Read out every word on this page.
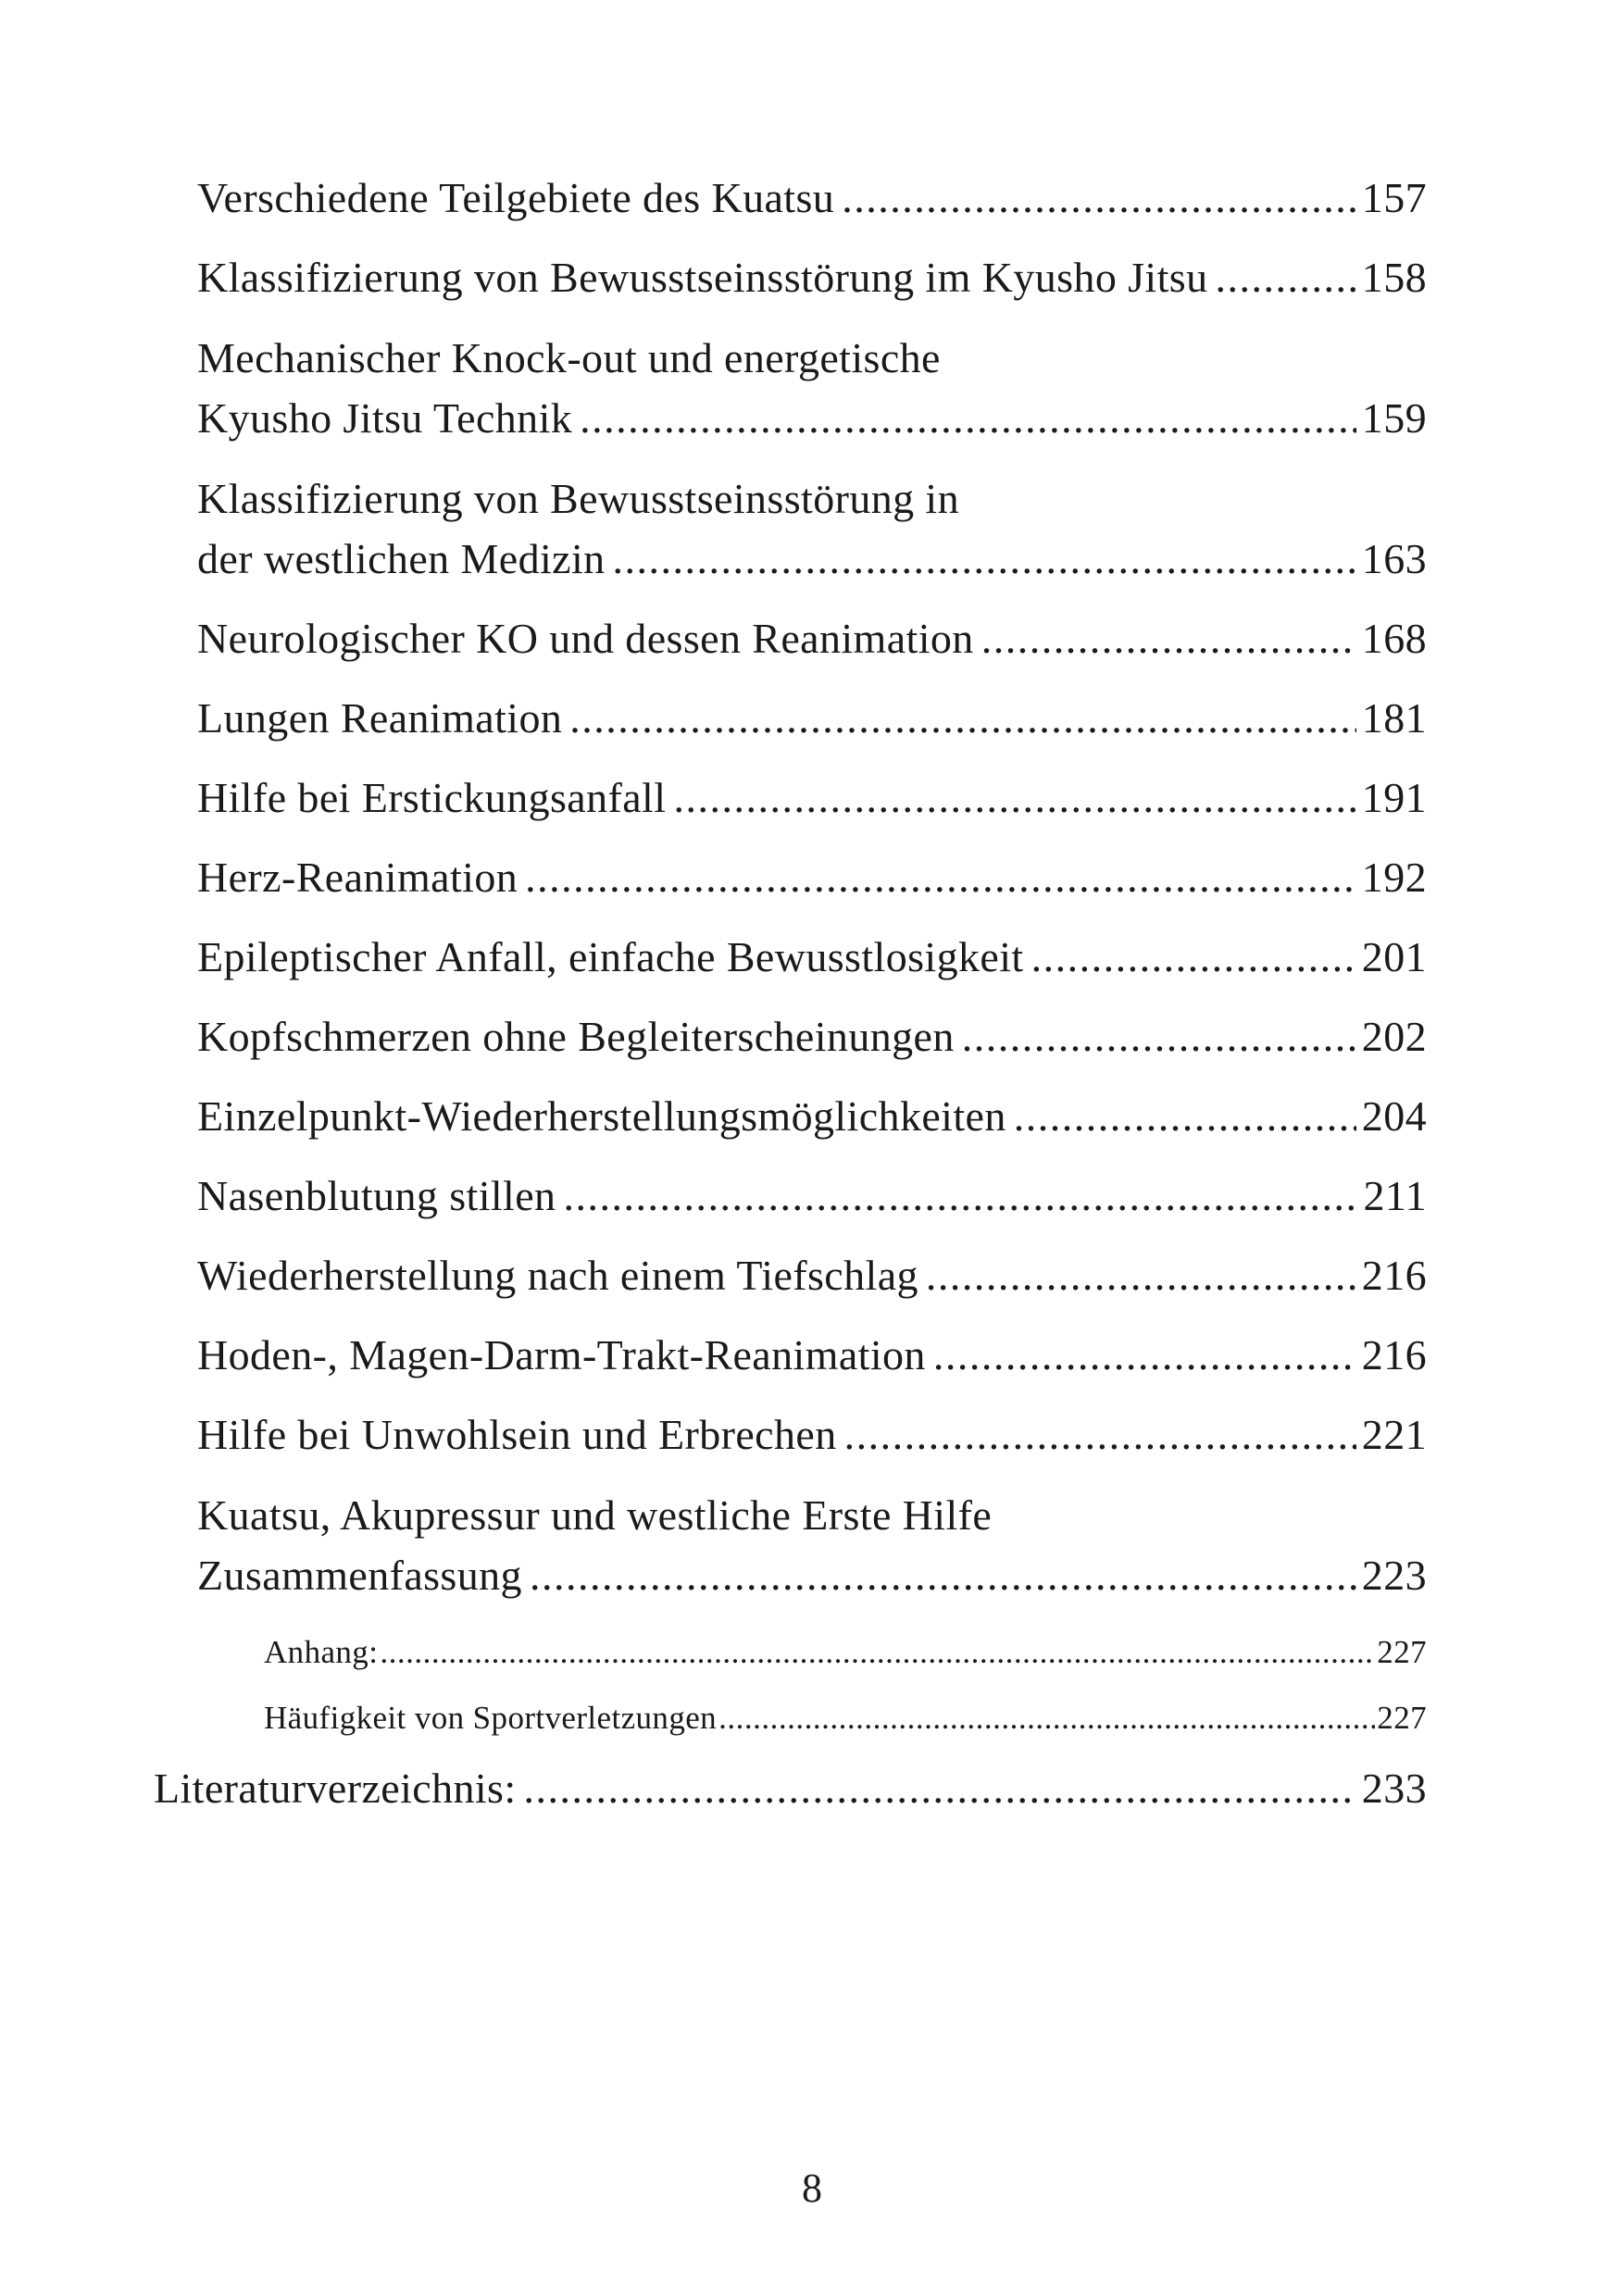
Verschiedene Teilgebiete des Kuatsu .....	157
Klassifizierung von Bewusstseinsstörung im Kyusho Jitsu .....	158
Mechanischer Knock-out und energetische
Kyusho Jitsu Technik .....	159
Klassifizierung von Bewusstseinsstörung in
der westlichen Medizin .....	163
Neurologischer KO und dessen Reanimation .....	168
Lungen Reanimation .....	181
Hilfe bei Erstickungsanfall .....	191
Herz-Reanimation .....	192
Epileptischer Anfall, einfache Bewusstlosigkeit .....	201
Kopfschmerzen ohne Begleiterscheinungen .....	202
Einzelpunkt-Wiederherstellungsmöglichkeiten .....	204
Nasenblutung stillen .....	211
Wiederherstellung nach einem Tiefschlag .....	216
Hoden-, Magen-Darm-Trakt-Reanimation .....	216
Hilfe bei Unwohlsein und Erbrechen .....	221
Kuatsu, Akupressur und westliche Erste Hilfe
Zusammenfassung .....	223
Anhang: .....	227
Häufigkeit von Sportverletzungen .....	227
Literaturverzeichnis: .....	233
8
